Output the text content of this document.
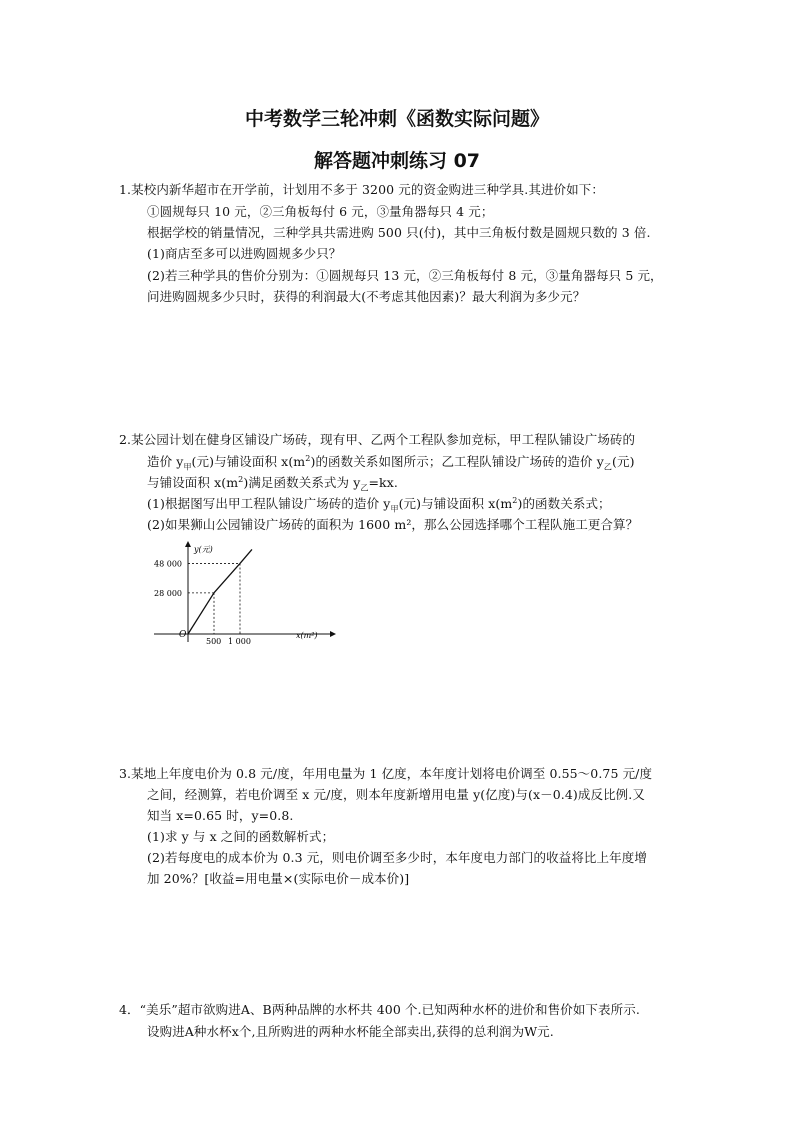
中考数学三轮冲刺《函数实际问题》
解答题冲刺练习 07
1.某校内新华超市在开学前，计划用不多于 3200 元的资金购进三种学具.其进价如下：
①圆规每只 10 元，②三角板每付 6 元，③量角器每只 4 元；
根据学校的销量情况，三种学具共需进购 500 只(付)，其中三角板付数是圆规只数的 3 倍.
(1)商店至多可以进购圆规多少只？
(2)若三种学具的售价分别为：①圆规每只 13 元，②三角板每付 8 元，③量角器每只 5 元，
问进购圆规多少只时，获得的利润最大(不考虑其他因素)？最大利润为多少元？
2.某公园计划在健身区铺设广场砖，现有甲、乙两个工程队参加竞标，甲工程队铺设广场砖的
造价 $y_甲$(元)与铺设面积 $x(m^2)$的函数关系如图所示；乙工程队铺设广场砖的造价 $y_乙$(元)
与铺设面积 $x(m^2)$满足函数关系式为 $y_乙=kx$.
(1)根据图写出甲工程队铺设广场砖的造价 $y_甲$(元)与铺设面积 $x(m^2)$的函数关系式；
(2)如果狮山公园铺设广场砖的面积为 1600 m²，那么公园选择哪个工程队施工更合算？
y(元)
x(m²)
O
28 000
48 000
500 1 000
3.某地上年度电价为 0.8 元/度，年用电量为 1 亿度，本年度计划将电价调至 0.55～0.75 元/度
之间，经测算，若电价调至 x 元/度，则本年度新增用电量 y(亿度)与(x－0.4)成反比例.又
知当 x=0.65 时，y=0.8.
(1)求 y 与 x 之间的函数解析式；
(2)若每度电的成本价为 0.3 元，则电价调至多少时，本年度电力部门的收益将比上年度增
加 20%？[收益=用电量×(实际电价－成本价)]
4．“美乐”超市欲购进A、B两种品牌的水杯共 400 个.已知两种水杯的进价和售价如下表所示.
设购进A种水杯x个,且所购进的两种水杯能全部卖出,获得的总利润为W元.
